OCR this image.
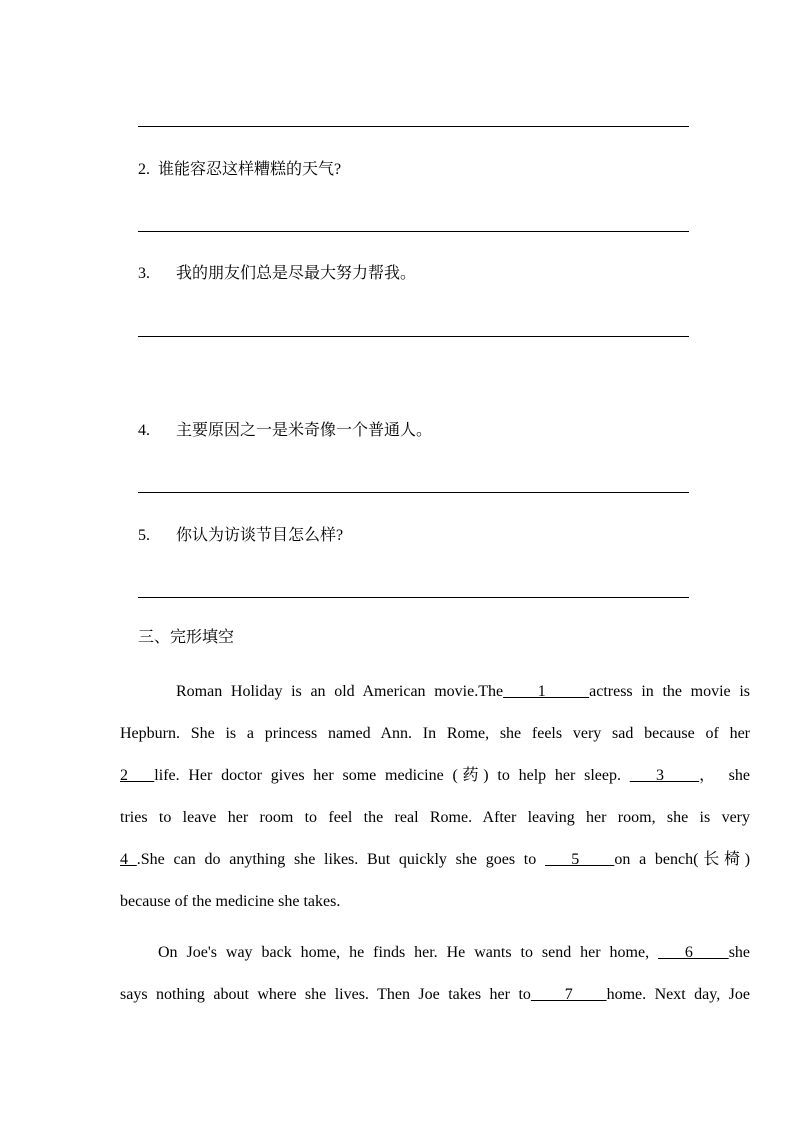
2. 谁能容忍这样糟糕的天气?
3. 我的朋友们总是尽最大努力帮我。
4. 主要原因之一是米奇像一个普通人。
5. 你认为访谈节目怎么样?
三、完形填空
Roman Holiday is an old American movie.The    1     actress in the movie is
Hepburn. She is a princess named Ann. In Rome, she feels very sad because of her
2   life. Her doctor gives her some medicine (药) to help her sleep.    3    ， she
tries to leave her room to feel the real Rome. After leaving her room, she is very
4 .She can do anything she likes. But quickly she goes to    5    on a bench(长椅)
because of the medicine she takes.
On Joe's way back home, he finds her. He wants to send her home,    6    she
says nothing about where she lives. Then Joe takes her to    7    home. Next day, Joe
